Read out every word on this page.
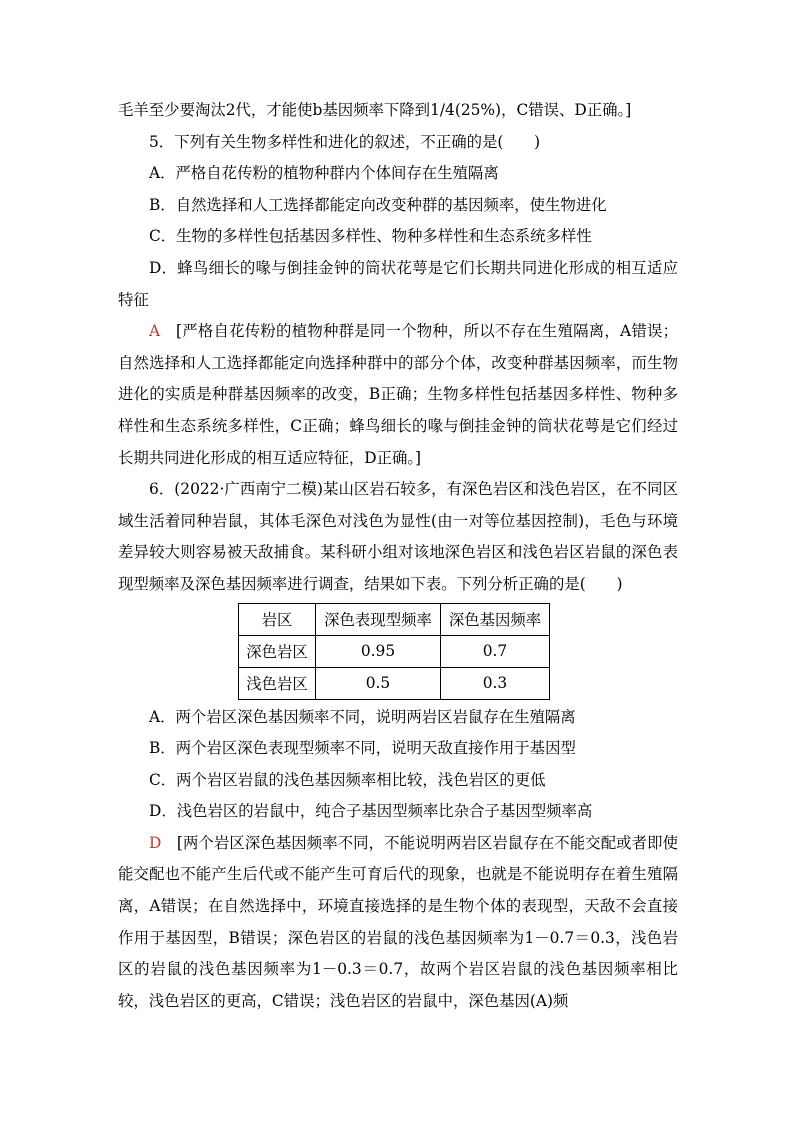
毛羊至少要淘汰2代，才能使b基因频率下降到1/4(25%)，C错误、D正确。]

5．下列有关生物多样性和进化的叙述，不正确的是(　　)

A．严格自花传粉的植物种群内个体间存在生殖隔离

B．自然选择和人工选择都能定向改变种群的基因频率，使生物进化

C．生物的多样性包括基因多样性、物种多样性和生态系统多样性

D．蜂鸟细长的喙与倒挂金钟的筒状花萼是它们长期共同进化形成的相互适应特征

A　 [严格自花传粉的植物种群是同一个物种，所以不存在生殖隔离，A错误；自然选择和人工选择都能定向选择种群中的部分个体，改变种群基因频率，而生物进化的实质是种群基因频率的改变，B正确；生物多样性包括基因多样性、物种多样性和生态系统多样性，C正确；蜂鸟细长的喙与倒挂金钟的筒状花萼是它们经过长期共同进化形成的相互适应特征，D正确。]

6．(2022·广西南宁二模)某山区岩石较多，有深色岩区和浅色岩区，在不同区域生活着同种岩鼠，其体毛深色对浅色为显性(由一对等位基因控制)，毛色与环境差异较大则容易被天敌捕食。某科研小组对该地深色岩区和浅色岩区岩鼠的深色表现型频率及深色基因频率进行调查，结果如下表。下列分析正确的是(　　)

岩区	深色表现型频率	深色基因频率
深色岩区	0.95	0.7
浅色岩区	0.5	0.3

A．两个岩区深色基因频率不同，说明两岩区岩鼠存在生殖隔离

B．两个岩区深色表现型频率不同，说明天敌直接作用于基因型

C．两个岩区岩鼠的浅色基因频率相比较，浅色岩区的更低

D．浅色岩区的岩鼠中，纯合子基因型频率比杂合子基因型频率高

D　 [两个岩区深色基因频率不同，不能说明两岩区岩鼠存在不能交配或者即使能交配也不能产生后代或不能产生可育后代的现象，也就是不能说明存在着生殖隔离，A错误；在自然选择中，环境直接选择的是生物个体的表现型，天敌不会直接作用于基因型，B错误；深色岩区的岩鼠的浅色基因频率为1－0.7＝0.3，浅色岩区的岩鼠的浅色基因频率为1－0.3＝0.7，故两个岩区岩鼠的浅色基因频率相比较，浅色岩区的更高，C错误；浅色岩区的岩鼠中，深色基因(A)频
